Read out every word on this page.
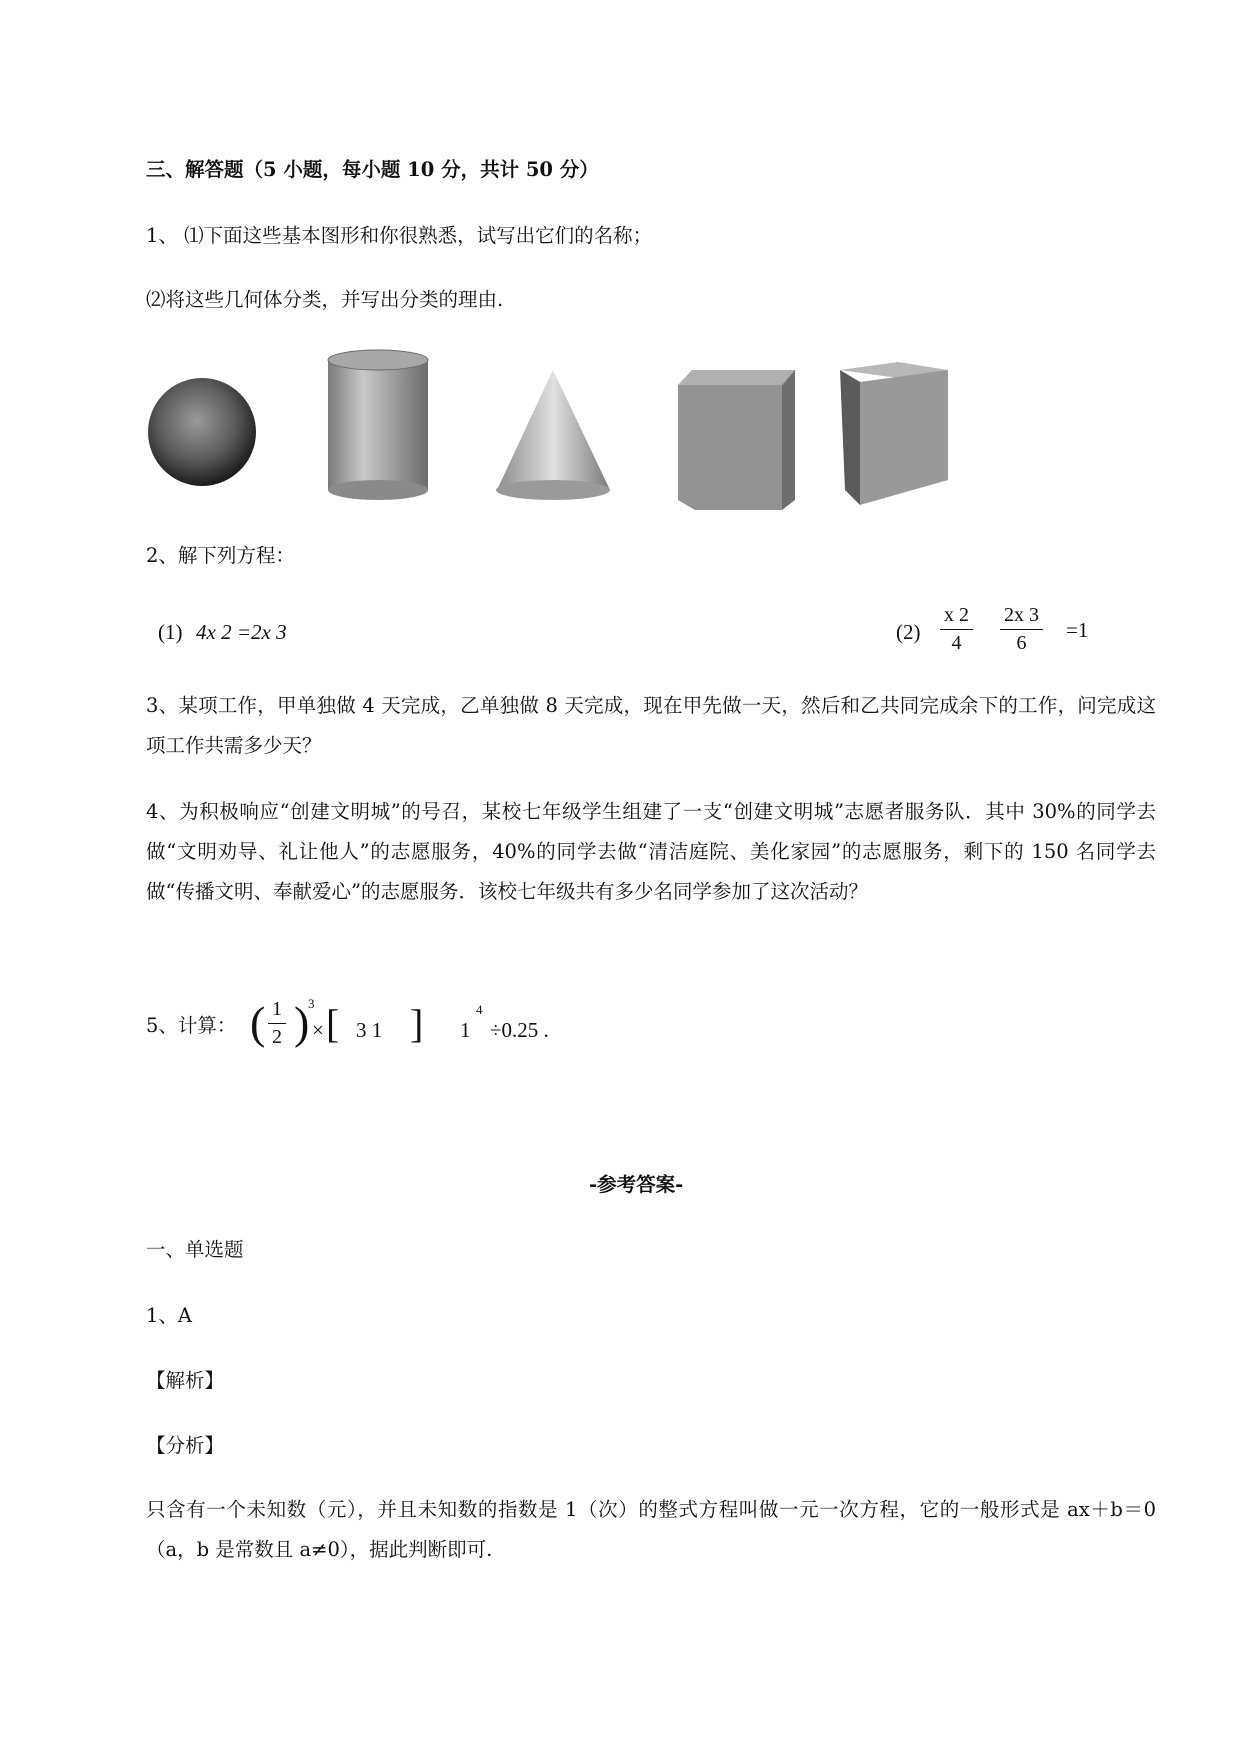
三、解答题（5 小题，每小题 10 分，共计 50 分）
1、 ⑴下面这些基本图形和你很熟悉，试写出它们的名称；
⑵将这些几何体分类，并写出分类的理由.
2、解下列方程：
(1) 4x 2 =2x 3	$(2) \frac{x 2}{4} \frac{2x 3}{6} =1$
3、某项工作，甲单独做 4 天完成，乙单独做 8 天完成，现在甲先做一天，然后和乙共同完成余下的工作，问完成这项工作共需多少天？
4、为积极响应“创建文明城”的号召，某校七年级学生组建了一支“创建文明城”志愿者服务队．其中 30%的同学去做“文明劝导、礼让他人”的志愿服务，40%的同学去做“清洁庭院、美化家园”的志愿服务，剩下的 150 名同学去做“传播文明、奉献爱心”的志愿服务．该校七年级共有多少名同学参加了这次活动？
5、计算： ( $\frac{1}{2}$ )
3
× [ 3 1 ] 1
4
÷0.25 .
-参考答案-
一、单选题
1、A
【解析】
【分析】
只含有一个未知数（元），并且未知数的指数是 1（次）的整式方程叫做一元一次方程，它的一般形式是 ax＋b＝0（a，b 是常数且 a≠0），据此判断即可.
